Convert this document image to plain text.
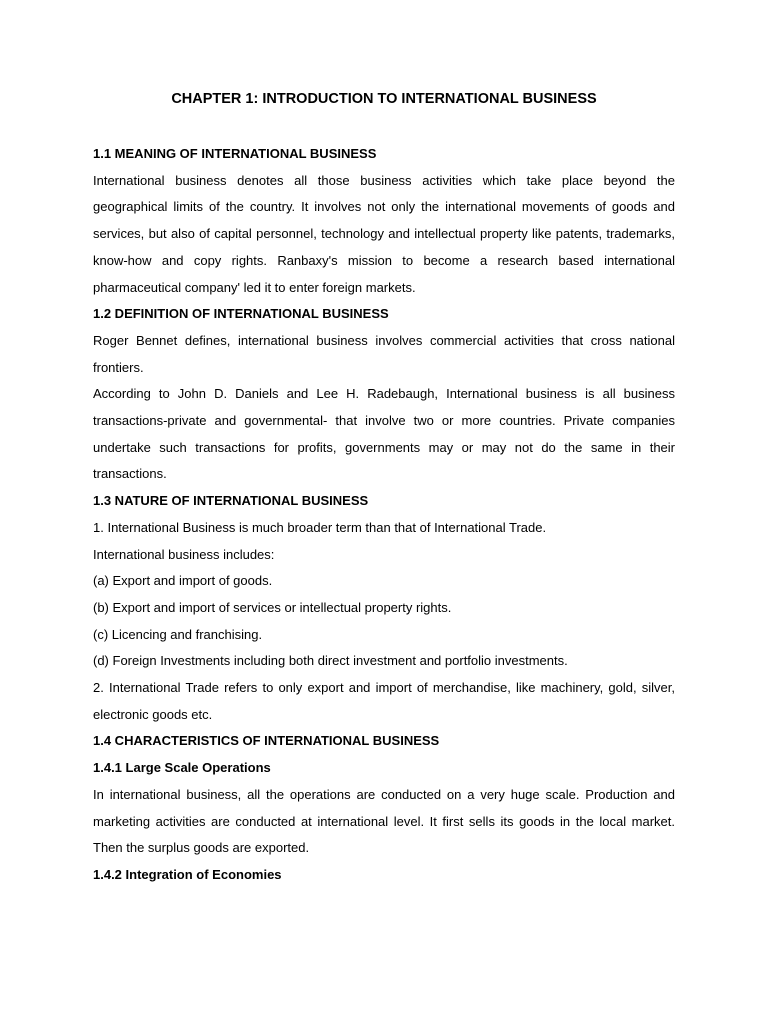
CHAPTER 1: INTRODUCTION TO INTERNATIONAL BUSINESS

1.1 MEANING OF INTERNATIONAL BUSINESS

International business denotes all those business activities which take place beyond the geographical limits of the country. It involves not only the international movements of goods and services, but also of capital personnel, technology and intellectual property like patents, trademarks, know-how and copy rights. Ranbaxy's mission to become a research based international pharmaceutical company' led it to enter foreign markets.

1.2 DEFINITION OF INTERNATIONAL BUSINESS

Roger Bennet defines, international business involves commercial activities that cross national frontiers.

According to John D. Daniels and Lee H. Radebaugh, International business is all business transactions-private and governmental- that involve two or more countries. Private companies undertake such transactions for profits, governments may or may not do the same in their transactions.

1.3 NATURE OF INTERNATIONAL BUSINESS

1. International Business is much broader term than that of International Trade.

International business includes:

(a) Export and import of goods.

(b) Export and import of services or intellectual property rights.

(c) Licencing and franchising.

(d) Foreign Investments including both direct investment and portfolio investments.

2. International Trade refers to only export and import of merchandise, like machinery, gold, silver, electronic goods etc.

1.4 CHARACTERISTICS OF INTERNATIONAL BUSINESS

1.4.1 Large Scale Operations

In international business, all the operations are conducted on a very huge scale. Production and marketing activities are conducted at international level. It first sells its goods in the local market. Then the surplus goods are exported.

1.4.2 Integration of Economies
